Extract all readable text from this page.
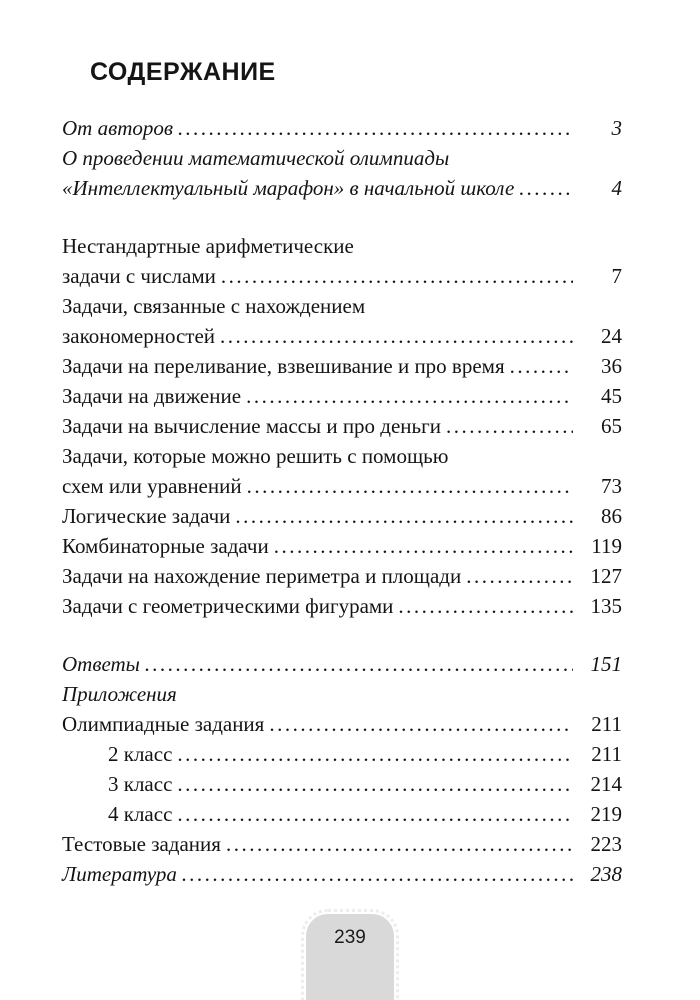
СОДЕРЖАНИЕ
От авторов .....	3
О проведении математической олимпиады
«Интеллектуальный марафон» в начальной школе .....	4
Нестандартные арифметические
задачи с числами .....	7
Задачи, связанные с нахождением
закономерностей .....	24
Задачи на переливание, взвешивание и про время .....	36
Задачи на движение .....	45
Задачи на вычисление массы и про деньги .....	65
Задачи, которые можно решить с помощью
схем или уравнений .....	73
Логические задачи .....	86
Комбинаторные задачи .....	119
Задачи на нахождение периметра и площади .....	127
Задачи с геометрическими фигурами .....	135
Ответы .....	151
Приложения
Олимпиадные задания .....	211
2 класс .....	211
3 класс .....	214
4 класс .....	219
Тестовые задания .....	223
Литература .....	238
239
